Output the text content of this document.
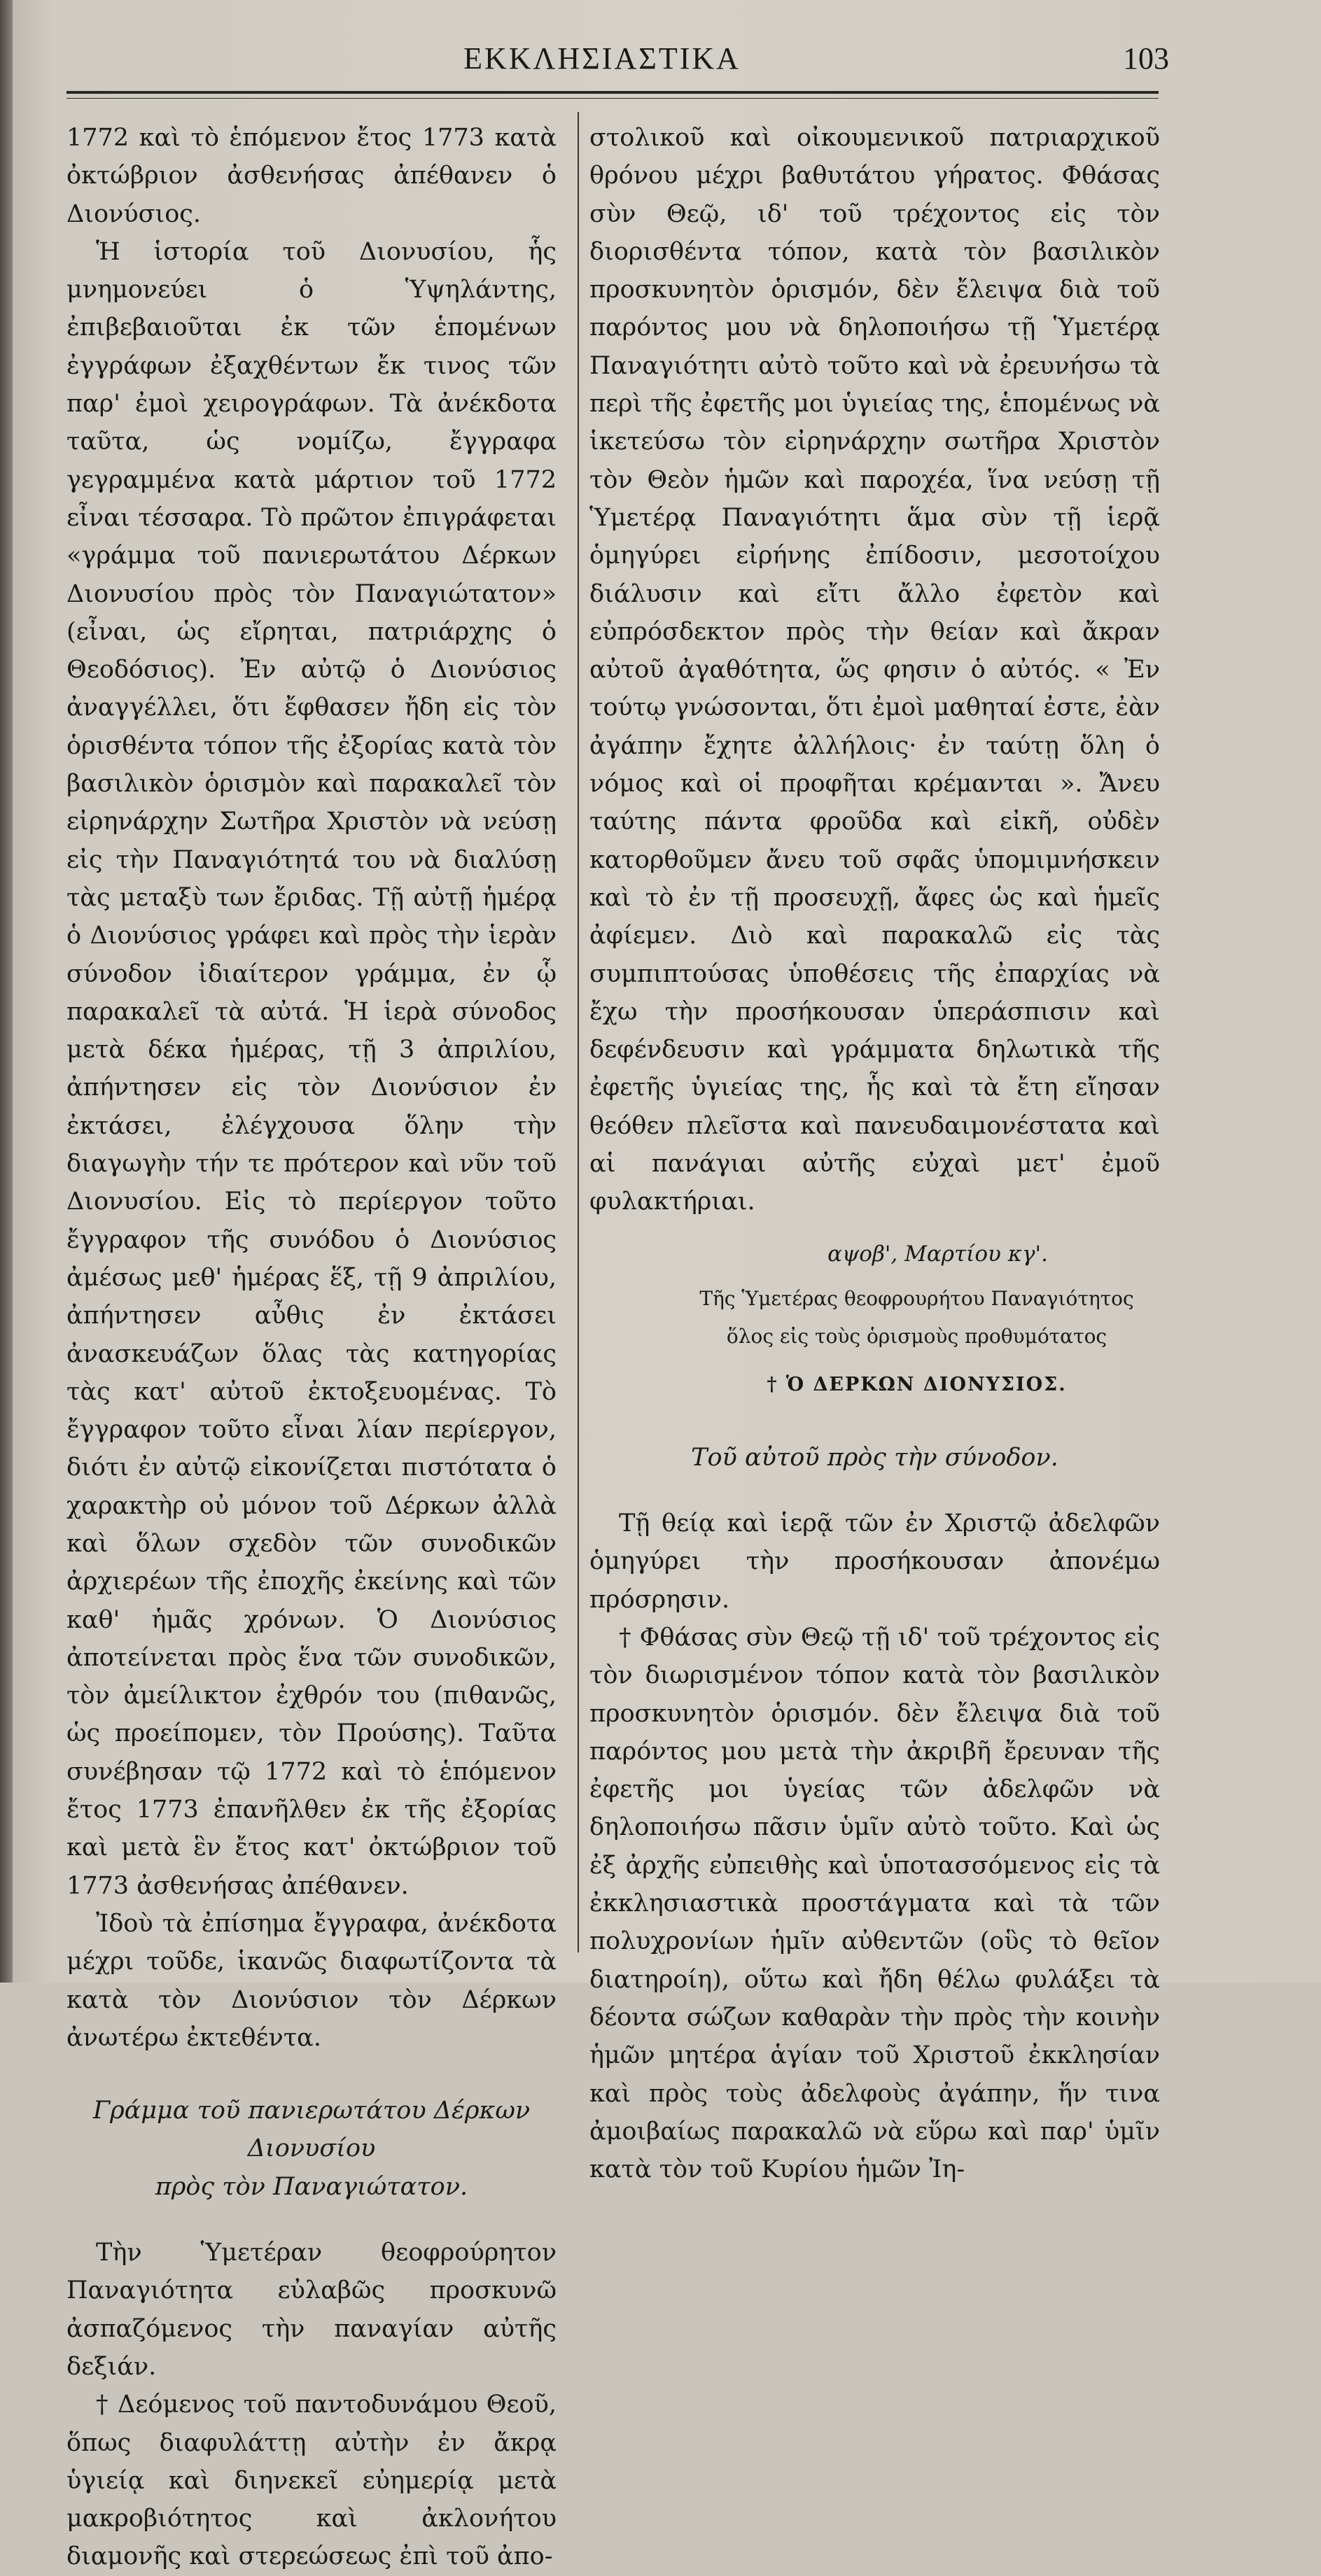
ΕΚΚΛΗΣΙΑΣΤΙΚΑ	103

1772 καὶ τὸ ἑπόμενον ἔτος 1773 κατὰ ὀκτώβριον ἀσθενήσας ἀπέθανεν ὁ Διονύσιος.

Ἡ ἱστορία τοῦ Διονυσίου, ἧς μνημονεύει ὁ Ὑψηλάντης, ἐπιβεβαιοῦται ἐκ τῶν ἑπομένων ἐγγράφων ἐξαχθέντων ἔκ τινος τῶν παρ' ἐμοὶ χειρογράφων. Τὰ ἀνέκδοτα ταῦτα, ὡς νομίζω, ἔγγραφα γεγραμμένα κατὰ μάρτιον τοῦ 1772 εἶναι τέσσαρα. Τὸ πρῶτον ἐπιγράφεται «γράμμα τοῦ πανιερωτάτου Δέρκων Διονυσίου πρὸς τὸν Παναγιώτατον» (εἶναι, ὡς εἴρηται, πατριάρχης ὁ Θεοδόσιος). Ἐν αὐτῷ ὁ Διονύσιος ἀναγγέλλει, ὅτι ἔφθασεν ἤδη εἰς τὸν ὁρισθέντα τόπον τῆς ἐξορίας κατὰ τὸν βασιλικὸν ὁρισμὸν καὶ παρακαλεῖ τὸν εἰρηνάρχην Σωτῆρα Χριστὸν νὰ νεύσῃ εἰς τὴν Παναγιότητά του νὰ διαλύσῃ τὰς μεταξὺ των ἔριδας. Τῇ αὐτῇ ἡμέρᾳ ὁ Διονύσιος γράφει καὶ πρὸς τὴν ἱερὰν σύνοδον ἰδιαίτερον γράμμα, ἐν ᾧ παρακαλεῖ τὰ αὐτά. Ἡ ἱερὰ σύνοδος μετὰ δέκα ἡμέρας, τῇ 3 ἀπριλίου, ἀπήντησεν εἰς τὸν Διονύσιον ἐν ἐκτάσει, ἐλέγχουσα ὅλην τὴν διαγωγὴν τήν τε πρότερον καὶ νῦν τοῦ Διονυσίου. Εἰς τὸ περίεργον τοῦτο ἔγγραφον τῆς συνόδου ὁ Διονύσιος ἀμέσως μεθ' ἡμέρας ἕξ, τῇ 9 ἀπριλίου, ἀπήντησεν αὖθις ἐν ἐκτάσει ἀνασκευάζων ὅλας τὰς κατηγορίας τὰς κατ' αὐτοῦ ἐκτοξευομένας. Τὸ ἔγγραφον τοῦτο εἶναι λίαν περίεργον, διότι ἐν αὐτῷ εἰκονίζεται πιστότατα ὁ χαρακτὴρ οὐ μόνον τοῦ Δέρκων ἀλλὰ καὶ ὅλων σχεδὸν τῶν συνοδικῶν ἀρχιερέων τῆς ἐποχῆς ἐκείνης καὶ τῶν καθ' ἡμᾶς χρόνων. Ὁ Διονύσιος ἀποτείνεται πρὸς ἕνα τῶν συνοδικῶν, τὸν ἀμείλικτον ἐχθρόν του (πιθανῶς, ὡς προείπομεν, τὸν Προύσης). Ταῦτα συνέβησαν τῷ 1772 καὶ τὸ ἑπόμενον ἔτος 1773 ἐπανῆλθεν ἐκ τῆς ἐξορίας καὶ μετὰ ἓν ἔτος κατ' ὀκτώβριον τοῦ 1773 ἀσθενήσας ἀπέθανεν.

Ἰδοὺ τὰ ἐπίσημα ἔγγραφα, ἀνέκδοτα μέχρι τοῦδε, ἱκανῶς διαφωτίζοντα τὰ κατὰ τὸν Διονύσιον τὸν Δέρκων ἀνωτέρω ἐκτεθέντα.

Γράμμα τοῦ πανιερωτάτου Δέρκων Διονυσίου
πρὸς τὸν Παναγιώτατον.

Τὴν Ὑμετέραν θεοφρούρητον Παναγιότητα εὐλαβῶς προσκυνῶ ἀσπαζόμενος τὴν παναγίαν αὐτῆς δεξιάν.

† Δεόμενος τοῦ παντοδυνάμου Θεοῦ, ὅπως διαφυλάττῃ αὐτὴν ἐν ἄκρᾳ ὑγιείᾳ καὶ διηνεκεῖ εὐημερίᾳ μετὰ μακροβιότητος καὶ ἀκλονήτου διαμονῆς καὶ στερεώσεως ἐπὶ τοῦ ἀπο-

στολικοῦ καὶ οἰκουμενικοῦ πατριαρχικοῦ θρόνου μέχρι βαθυτάτου γήρατος. Φθάσας σὺν Θεῷ, ιδ' τοῦ τρέχοντος εἰς τὸν διορισθέντα τόπον, κατὰ τὸν βασιλικὸν προσκυνητὸν ὁρισμόν, δὲν ἔλειψα διὰ τοῦ παρόντος μου νὰ δηλοποιήσω τῇ Ὑμετέρᾳ Παναγιότητι αὐτὸ τοῦτο καὶ νὰ ἐρευνήσω τὰ περὶ τῆς ἐφετῆς μοι ὑγιείας της, ἑπομένως νὰ ἱκετεύσω τὸν εἰρηνάρχην σωτῆρα Χριστὸν τὸν Θεὸν ἡμῶν καὶ παροχέα, ἵνα νεύσῃ τῇ Ὑμετέρᾳ Παναγιότητι ἅμα σὺν τῇ ἱερᾷ ὁμηγύρει εἰρήνης ἐπίδοσιν, μεσοτοίχου διάλυσιν καὶ εἴτι ἄλλο ἐφετὸν καὶ εὐπρόσδεκτον πρὸς τὴν θείαν καὶ ἄκραν αὐτοῦ ἀγαθότητα, ὥς φησιν ὁ αὐτός. « Ἐν τούτῳ γνώσονται, ὅτι ἐμοὶ μαθηταί ἐστε, ἐὰν ἀγάπην ἔχητε ἀλλήλοις· ἐν ταύτῃ ὅλη ὁ νόμος καὶ οἱ προφῆται κρέμανται ». Ἄνευ ταύτης πάντα φροῦδα καὶ εἰκῆ, οὐδὲν κατορθοῦμεν ἄνευ τοῦ σφᾶς ὑπομιμνήσκειν καὶ τὸ ἐν τῇ προσευχῇ, ἄφες ὡς καὶ ἡμεῖς ἀφίεμεν. Διὸ καὶ παρακαλῶ εἰς τὰς συμπιπτούσας ὑποθέσεις τῆς ἐπαρχίας νὰ ἔχω τὴν προσήκουσαν ὑπεράσπισιν καὶ δεφένδευσιν καὶ γράμματα δηλωτικὰ τῆς ἐφετῆς ὑγιείας της, ἧς καὶ τὰ ἔτη εἴησαν θεόθεν πλεῖστα καὶ πανευδαιμονέστατα καὶ αἱ πανάγιαι αὐτῆς εὐχαὶ μετ' ἐμοῦ φυλακτήριαι.

αψοβ', Μαρτίου κγ'.

Τῆς Ὑμετέρας θεοφρουρήτου Παναγιότητος
ὅλος εἰς τοὺς ὁρισμοὺς προθυμότατος

† Ὁ ΔΕΡΚΩΝ ΔΙΟΝΥΣΙΟΣ.

Τοῦ αὐτοῦ πρὸς τὴν σύνοδον.

Τῇ θείᾳ καὶ ἱερᾷ τῶν ἐν Χριστῷ ἀδελφῶν ὁμηγύρει τὴν προσήκουσαν ἀπονέμω πρόσρησιν.

† Φθάσας σὺν Θεῷ τῇ ιδ' τοῦ τρέχοντος εἰς τὸν διωρισμένον τόπον κατὰ τὸν βασιλικὸν προσκυνητὸν ὁρισμόν. δὲν ἔλειψα διὰ τοῦ παρόντος μου μετὰ τὴν ἀκριβῆ ἔρευναν τῆς ἐφετῆς μοι ὑγείας τῶν ἀδελφῶν νὰ δηλοποιήσω πᾶσιν ὑμῖν αὐτὸ τοῦτο. Καὶ ὡς ἐξ ἀρχῆς εὐπειθὴς καὶ ὑποτασσόμενος εἰς τὰ ἐκκλησιαστικὰ προστάγματα καὶ τὰ τῶν πολυχρονίων ἡμῖν αὐθεντῶν (οὓς τὸ θεῖον διατηροίη), οὕτω καὶ ἤδη θέλω φυλάξει τὰ δέοντα σώζων καθαρὰν τὴν πρὸς τὴν κοινὴν ἡμῶν μητέρα ἁγίαν τοῦ Χριστοῦ ἐκκλησίαν καὶ πρὸς τοὺς ἀδελφοὺς ἀγάπην, ἥν τινα ἀμοιβαίως παρακαλῶ νὰ εὕρω καὶ παρ' ὑμῖν κατὰ τὸν τοῦ Κυρίου ἡμῶν Ἰη-
